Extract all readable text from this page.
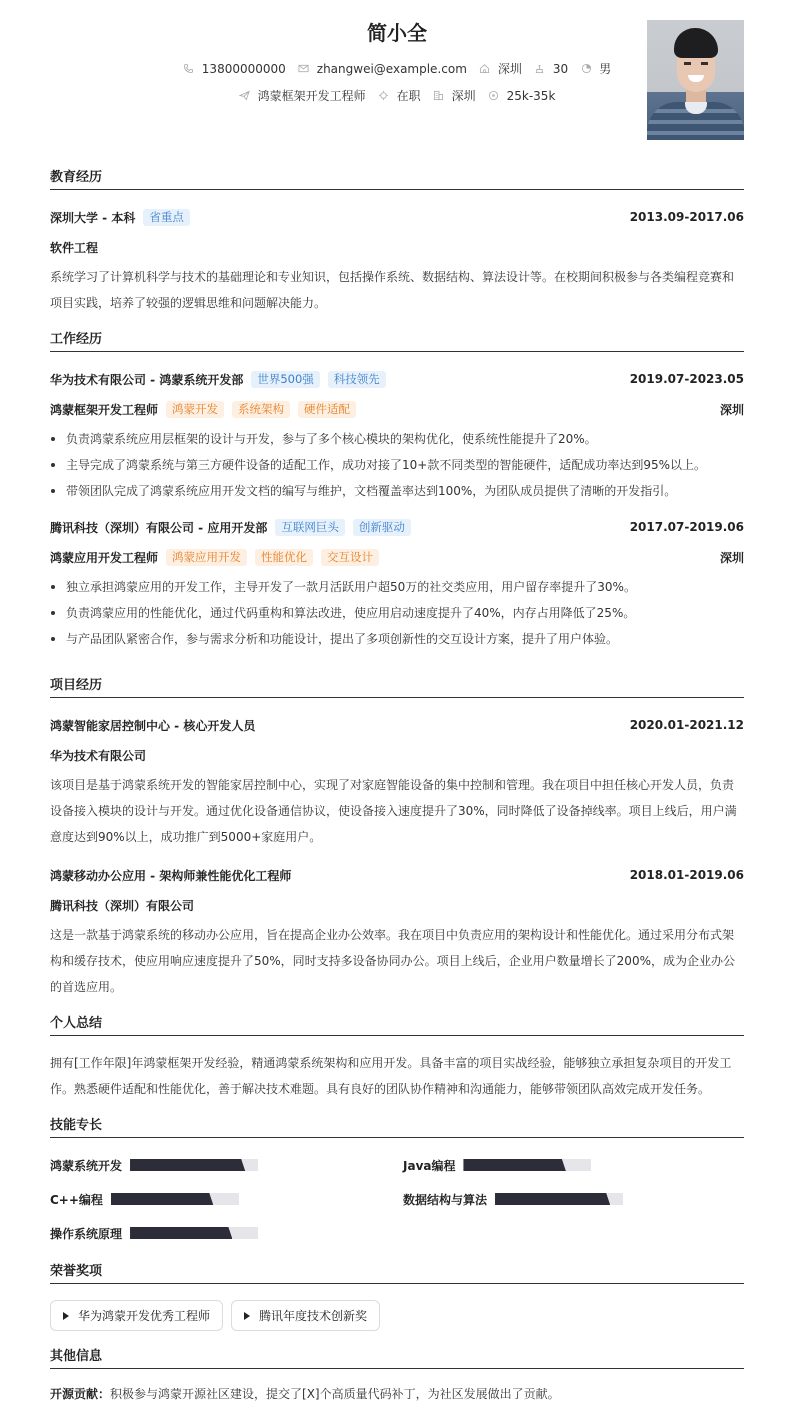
简小全
13800000000	zhangwei@example.com	深圳	30	男
鸿蒙框架开发工程师	在职	深圳	25k-35k
教育经历
深圳大学 - 本科	省重点	2013.09-2017.06
软件工程
系统学习了计算机科学与技术的基础理论和专业知识，包括操作系统、数据结构、算法设计等。在校期间积极参与各类编程竞赛和项目实践，培养了较强的逻辑思维和问题解决能力。
工作经历
华为技术有限公司 - 鸿蒙系统开发部	世界500强	科技领先	2019.07-2023.05
鸿蒙框架开发工程师	鸿蒙开发	系统架构	硬件适配	深圳
负责鸿蒙系统应用层框架的设计与开发，参与了多个核心模块的架构优化，使系统性能提升了20%。
主导完成了鸿蒙系统与第三方硬件设备的适配工作，成功对接了10+款不同类型的智能硬件，适配成功率达到95%以上。
带领团队完成了鸿蒙系统应用开发文档的编写与维护，文档覆盖率达到100%，为团队成员提供了清晰的开发指引。
腾讯科技（深圳）有限公司 - 应用开发部	互联网巨头	创新驱动	2017.07-2019.06
鸿蒙应用开发工程师	鸿蒙应用开发	性能优化	交互设计	深圳
独立承担鸿蒙应用的开发工作，主导开发了一款月活跃用户超50万的社交类应用，用户留存率提升了30%。
负责鸿蒙应用的性能优化，通过代码重构和算法改进，使应用启动速度提升了40%，内存占用降低了25%。
与产品团队紧密合作，参与需求分析和功能设计，提出了多项创新性的交互设计方案，提升了用户体验。
项目经历
鸿蒙智能家居控制中心 - 核心开发人员	2020.01-2021.12
华为技术有限公司
该项目是基于鸿蒙系统开发的智能家居控制中心，实现了对家庭智能设备的集中控制和管理。我在项目中担任核心开发人员，负责设备接入模块的设计与开发。通过优化设备通信协议，使设备接入速度提升了30%，同时降低了设备掉线率。项目上线后，用户满意度达到90%以上，成功推广到5000+家庭用户。
鸿蒙移动办公应用 - 架构师兼性能优化工程师	2018.01-2019.06
腾讯科技（深圳）有限公司
这是一款基于鸿蒙系统的移动办公应用，旨在提高企业办公效率。我在项目中负责应用的架构设计和性能优化。通过采用分布式架构和缓存技术，使应用响应速度提升了50%，同时支持多设备协同办公。项目上线后，企业用户数量增长了200%，成为企业办公的首选应用。
个人总结
拥有[工作年限]年鸿蒙框架开发经验，精通鸿蒙系统架构和应用开发。具备丰富的项目实战经验，能够独立承担复杂项目的开发工作。熟悉硬件适配和性能优化，善于解决技术难题。具有良好的团队协作精神和沟通能力，能够带领团队高效完成开发任务。
技能专长
鸿蒙系统开发	Java编程
C++编程	数据结构与算法
操作系统原理
荣誉奖项
华为鸿蒙开发优秀工程师	腾讯年度技术创新奖
其他信息
开源贡献：积极参与鸿蒙开源社区建设，提交了[X]个高质量代码补丁，为社区发展做出了贡献。
